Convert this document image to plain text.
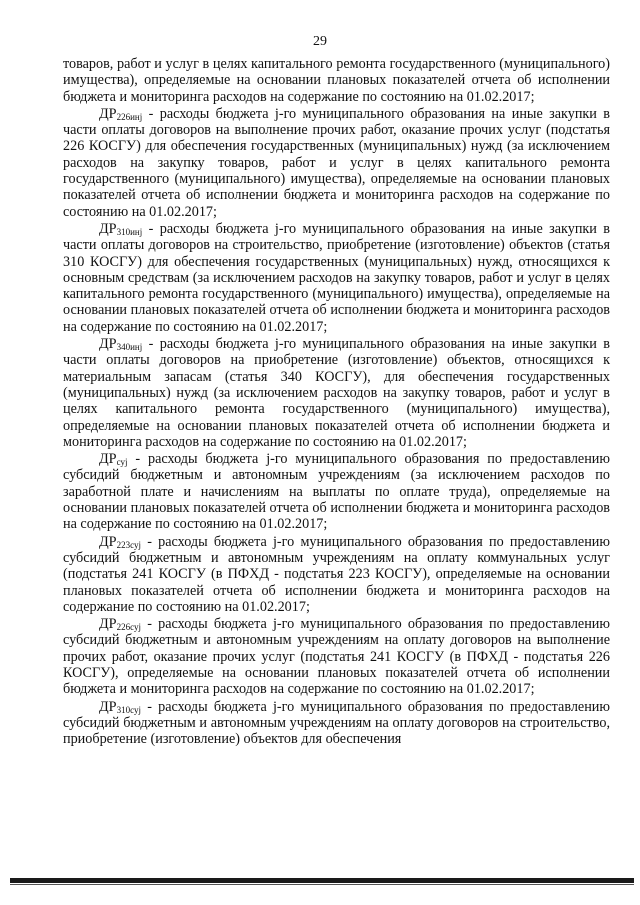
29

товаров, работ и услуг в целях капитального ремонта государственного (муниципального) имущества), определяемые на основании плановых показателей отчета об исполнении бюджета и мониторинга расходов на содержание по состоянию на 01.02.2017;

$ДР_{226инj}$ - расходы бюджета j-го муниципального образования на иные закупки в части оплаты договоров на выполнение прочих работ, оказание прочих услуг (подстатья 226 КОСГУ) для обеспечения государственных (муниципальных) нужд (за исключением расходов на закупку товаров, работ и услуг в целях капитального ремонта государственного (муниципального) имущества), определяемые на основании плановых показателей отчета об исполнении бюджета и мониторинга расходов на содержание по состоянию на 01.02.2017;

$ДР_{310инj}$ - расходы бюджета j-го муниципального образования на иные закупки в части оплаты договоров на строительство, приобретение (изготовление) объектов (статья 310 КОСГУ) для обеспечения государственных (муниципальных) нужд, относящихся к основным средствам (за исключением расходов на закупку товаров, работ и услуг в целях капитального ремонта государственного (муниципального) имущества), определяемые на основании плановых показателей отчета об исполнении бюджета и мониторинга расходов на содержание по состоянию на 01.02.2017;

$ДР_{340инj}$ - расходы бюджета j-го муниципального образования на иные закупки в части оплаты договоров на приобретение (изготовление) объектов, относящихся к материальным запасам (статья 340 КОСГУ), для обеспечения государственных (муниципальных) нужд (за исключением расходов на закупку товаров, работ и услуг в целях капитального ремонта государственного (муниципального) имущества), определяемые на основании плановых показателей отчета об исполнении бюджета и мониторинга расходов на содержание по состоянию на 01.02.2017;

$ДР_{суj}$ - расходы бюджета j-го муниципального образования по предоставлению субсидий бюджетным и автономным учреждениям (за исключением расходов по заработной плате и начислениям на выплаты по оплате труда), определяемые на основании плановых показателей отчета об исполнении бюджета и мониторинга расходов на содержание по состоянию на 01.02.2017;

$ДР_{223суj}$ - расходы бюджета j-го муниципального образования по предоставлению субсидий бюджетным и автономным учреждениям на оплату коммунальных услуг (подстатья 241 КОСГУ (в ПФХД - подстатья 223 КОСГУ), определяемые на основании плановых показателей отчета об исполнении бюджета и мониторинга расходов на содержание по состоянию на 01.02.2017;

$ДР_{226суj}$ - расходы бюджета j-го муниципального образования по предоставлению субсидий бюджетным и автономным учреждениям на оплату договоров на выполнение прочих работ, оказание прочих услуг (подстатья 241 КОСГУ (в ПФХД - подстатья 226 КОСГУ), определяемые на основании плановых показателей отчета об исполнении бюджета и мониторинга расходов на содержание по состоянию на 01.02.2017;

$ДР_{310суj}$ - расходы бюджета j-го муниципального образования по предоставлению субсидий бюджетным и автономным учреждениям на оплату договоров на строительство, приобретение (изготовление) объектов для обеспечения
